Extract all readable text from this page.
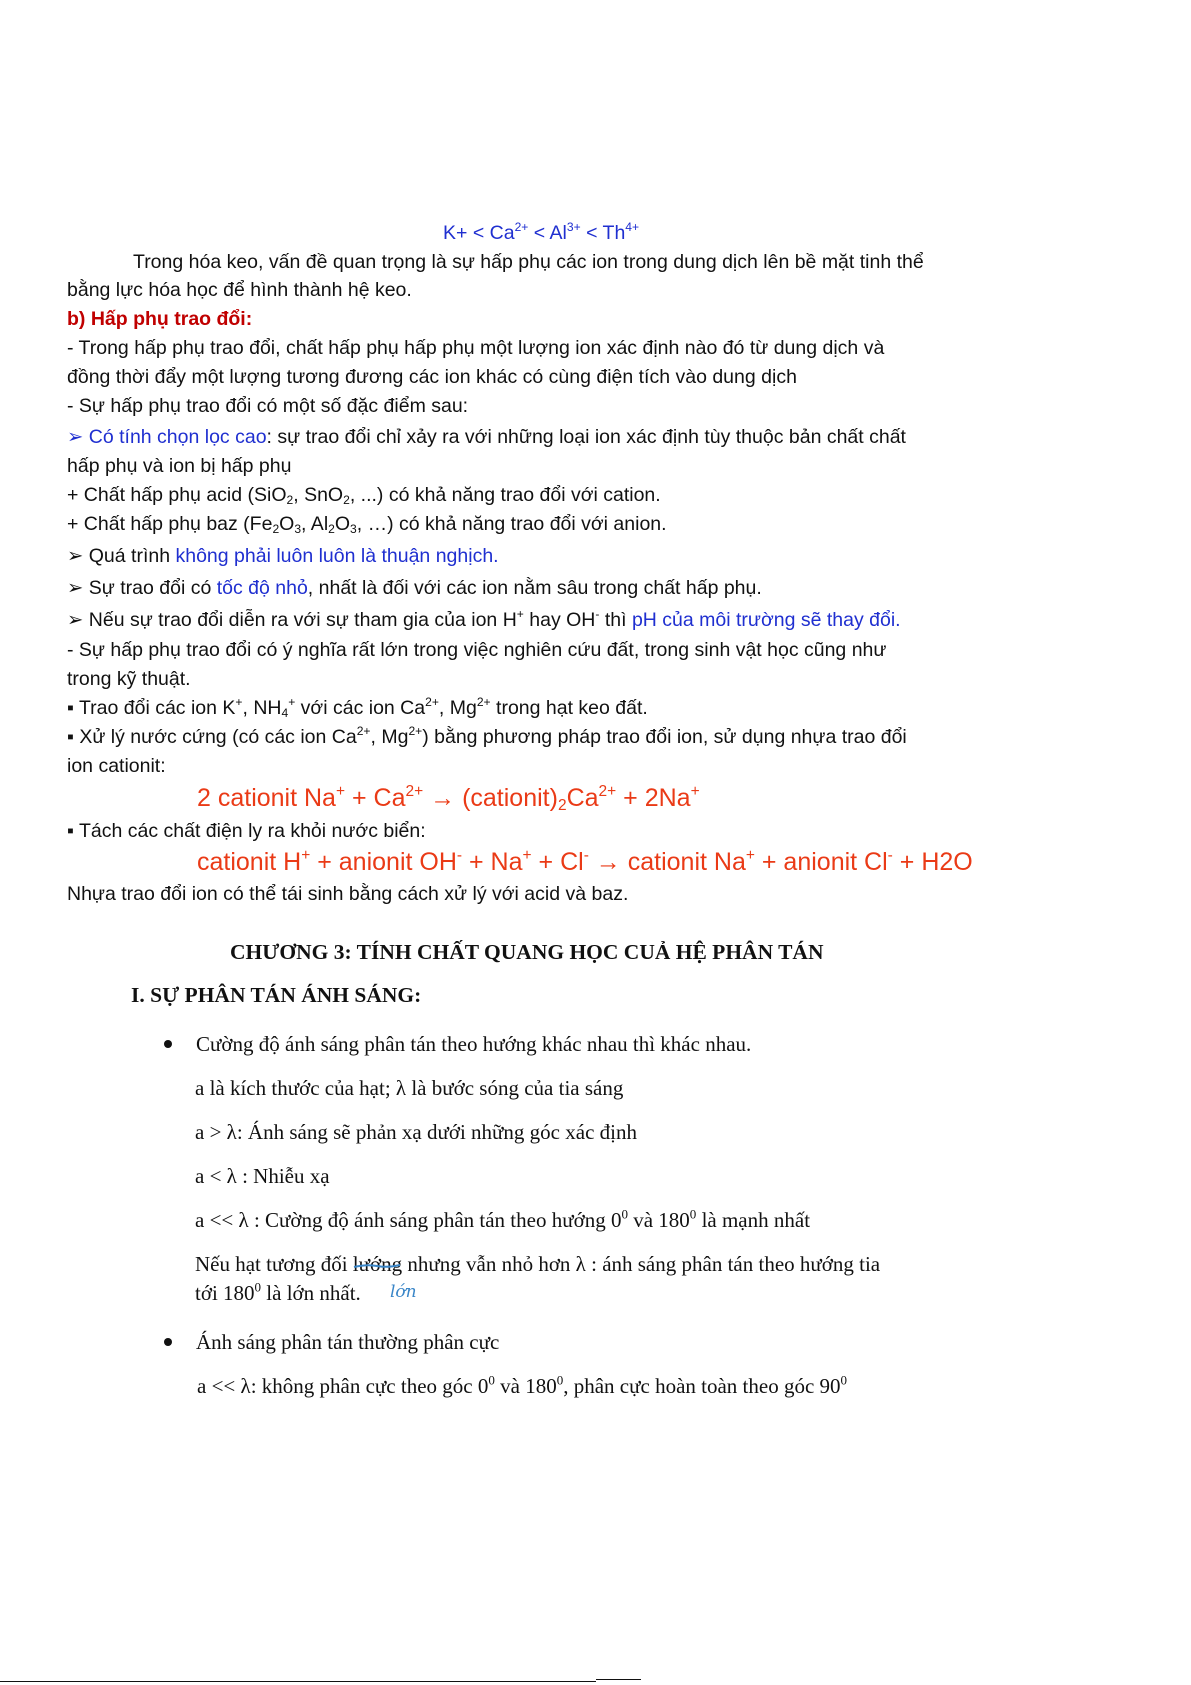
$K+ < Ca^{2+} < Al^{3+} < Th^{4+}$
Trong hóa keo, vấn đề quan trọng là sự hấp phụ các ion trong dung dịch lên bề mặt tinh thể
bằng lực hóa học để hình thành hệ keo.
b) Hấp phụ trao đổi:
- Trong hấp phụ trao đổi, chất hấp phụ hấp phụ một lượng ion xác định nào đó từ dung dịch và
đồng thời đẩy một lượng tương đương các ion khác có cùng điện tích vào dung dịch
- Sự hấp phụ trao đổi có một số đặc điểm sau:
➢ Có tính chọn lọc cao: sự trao đổi chỉ xảy ra với những loại ion xác định tùy thuộc bản chất chất
hấp phụ và ion bị hấp phụ
+ Chất hấp phụ acid (SiO$_2$, SnO$_2$, ...) có khả năng trao đổi với cation.
+ Chất hấp phụ baz ($Fe_2O_3$, $Al_2O_3$, …) có khả năng trao đổi với anion.
➢ Quá trình không phải luôn luôn là thuận nghịch.
➢ Sự trao đổi có tốc độ nhỏ, nhất là đối với các ion nằm sâu trong chất hấp phụ.
➢ Nếu sự trao đổi diễn ra với sự tham gia của ion H+ hay OH- thì pH của môi trường sẽ thay đổi.
- Sự hấp phụ trao đổi có ý nghĩa rất lớn trong việc nghiên cứu đất, trong sinh vật học cũng như
trong kỹ thuật.
▪ Trao đổi các ion K+, $NH_4^+$ với các ion $Ca^{2+}$, $Mg^{2+}$ trong hạt keo đất.
▪ Xử lý nước cứng (có các ion $Ca^{2+}$, $Mg^{2+}$) bằng phương pháp trao đổi ion, sử dụng nhựa trao đổi
ion cationit:
2 cationit $Na^+ + Ca^{2+}$ → $(cationit)_2Ca^{2+} + 2Na^+$
▪ Tách các chất điện ly ra khỏi nước biển:
cationit H+ + anionit OH- + Na+ + Cl- → cationit Na+ + anionit Cl- + H2O
Nhựa trao đổi ion có thể tái sinh bằng cách xử lý với acid và baz.
CHƯƠNG 3: TÍNH CHẤT QUANG HỌC CUẢ HỆ PHÂN TÁN
I. SỰ PHÂN TÁN ÁNH SÁNG:
Cường độ ánh sáng phân tán theo hướng khác nhau thì khác nhau.
a là kích thước của hạt; λ là bước sóng của tia sáng
a > λ: Ánh sáng sẽ phản xạ dưới những góc xác định
a < λ : Nhiễu xạ
a << λ : Cường độ ánh sáng phân tán theo hướng $0^0$ và $180^0$ là mạnh nhất
Nếu hạt tương đối lướng nhưng vẫn nhỏ hơn λ : ánh sáng phân tán theo hướng tia
tới $180^0$ là lớn nhất.	lớn
Ánh sáng phân tán thường phân cực
a << λ: không phân cực theo góc $0^0$ và $180^0$, phân cực hoàn toàn theo góc $90^0$
